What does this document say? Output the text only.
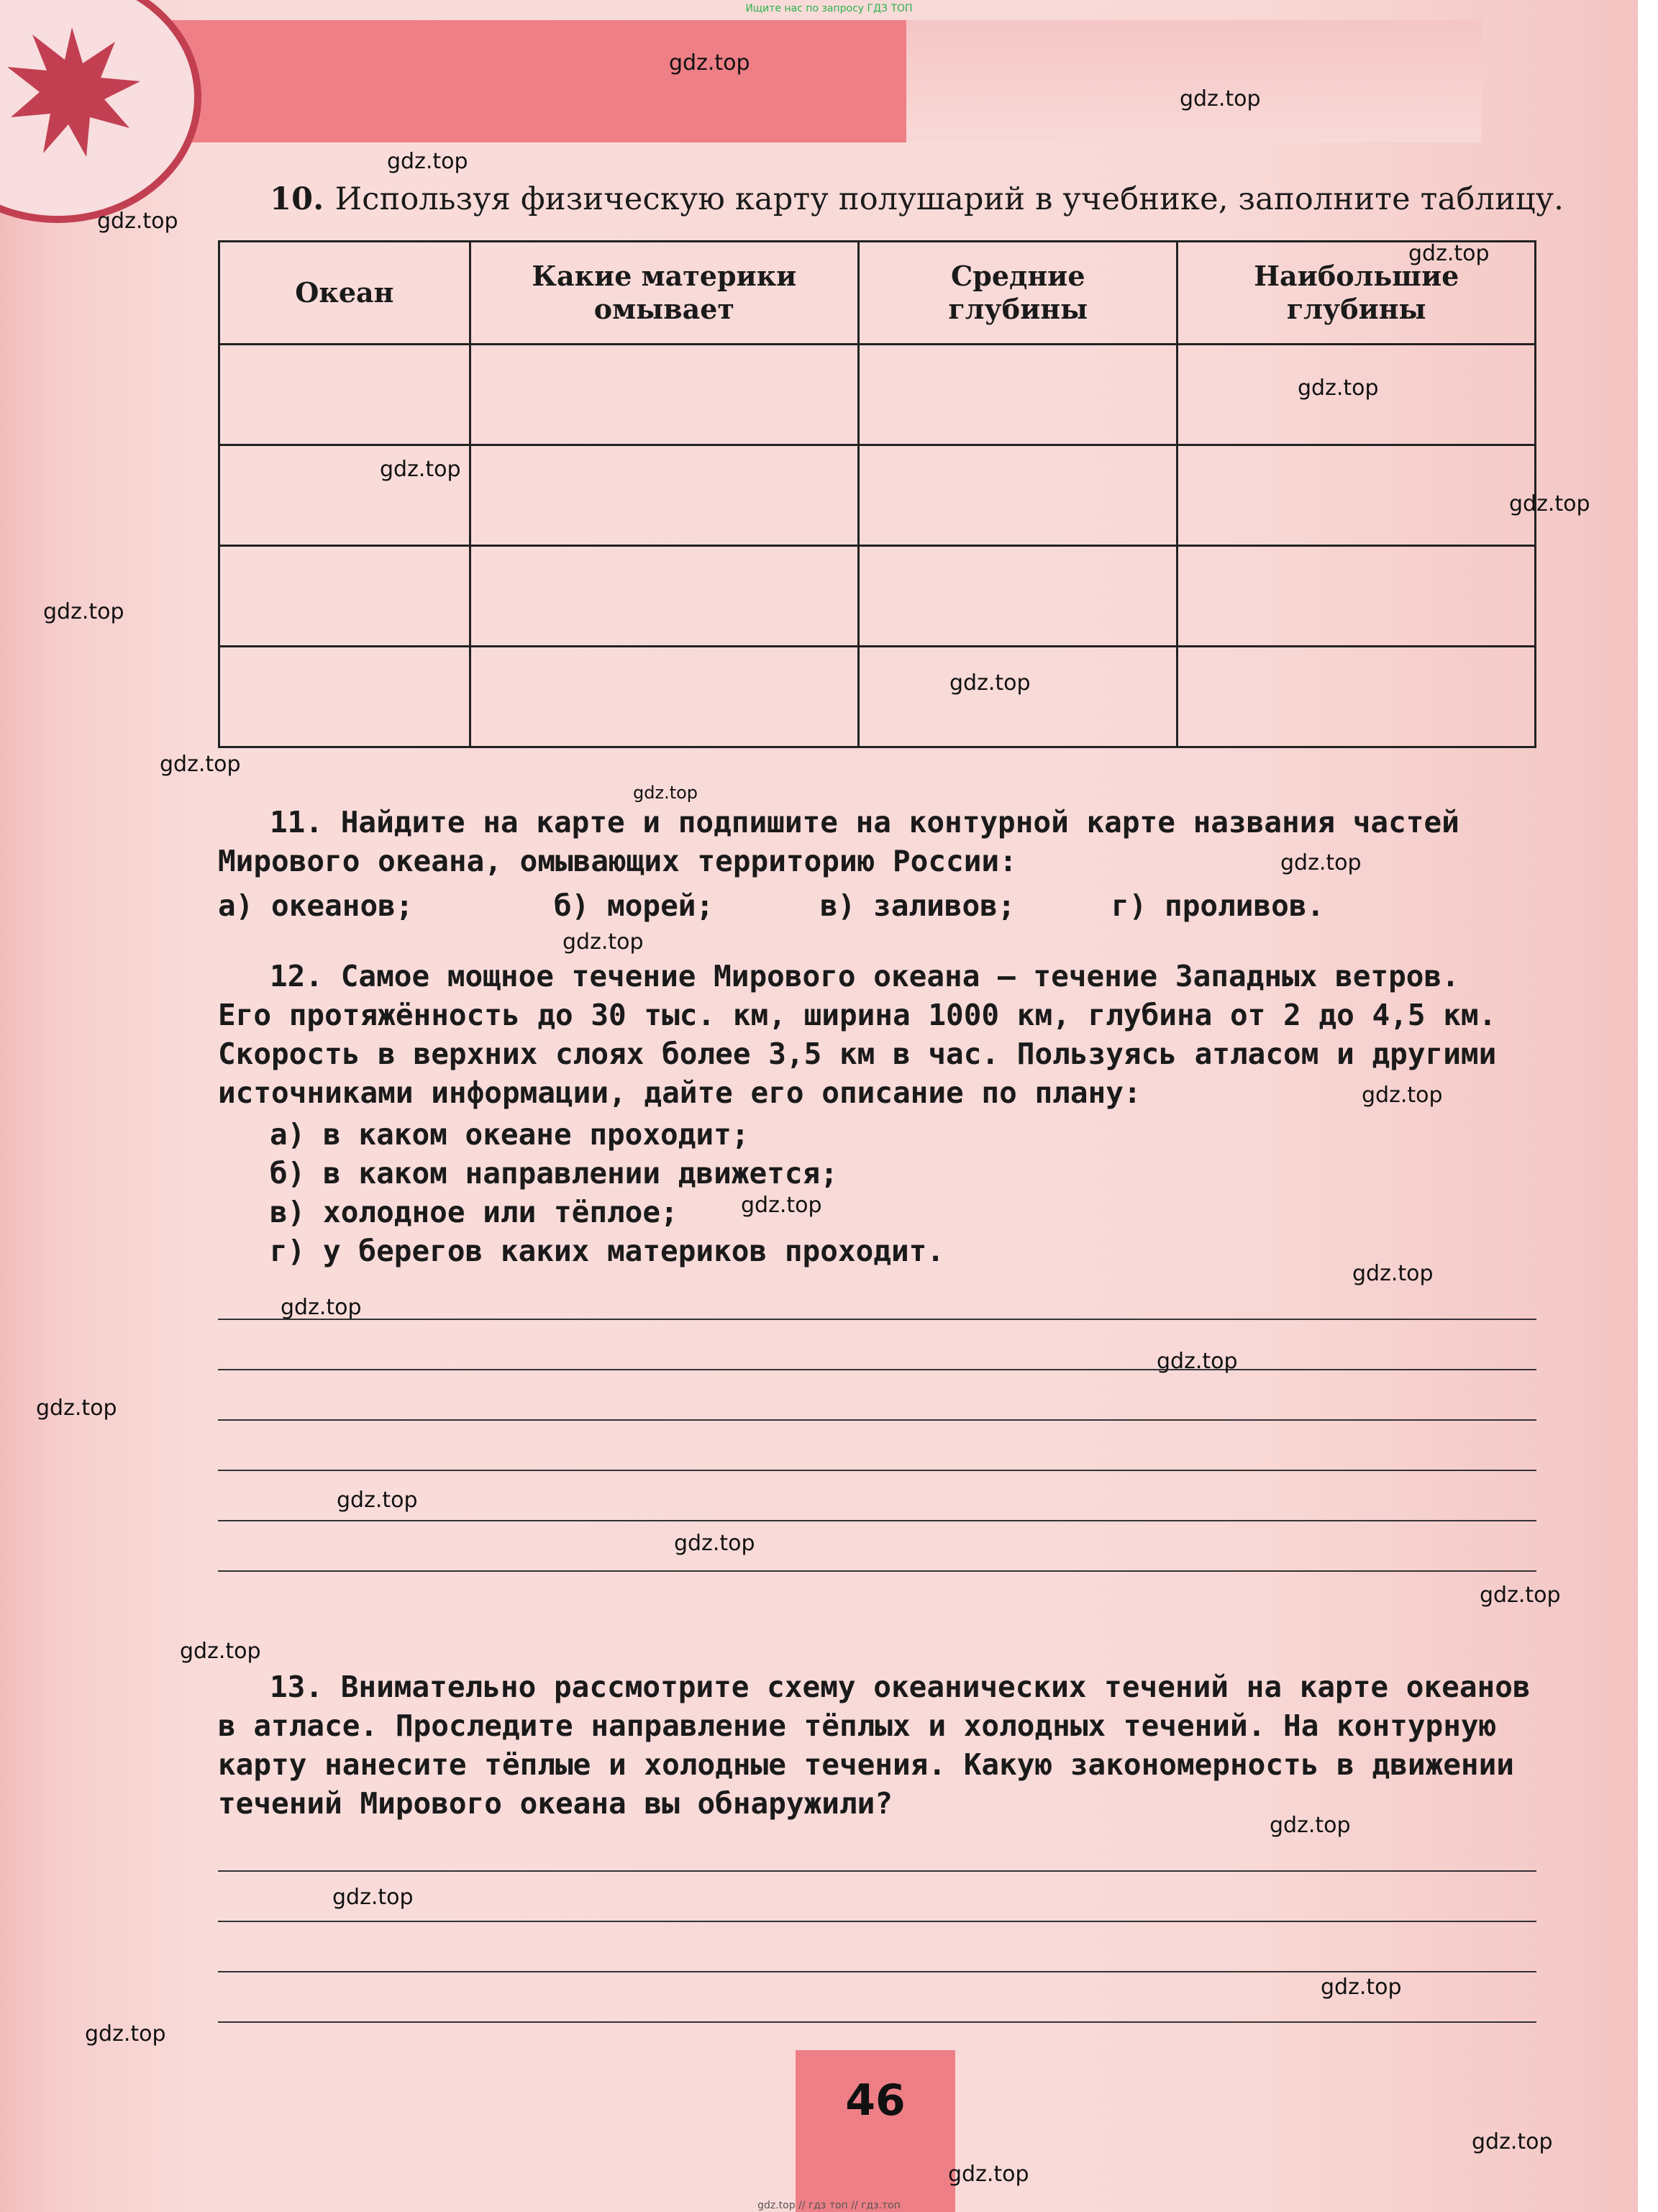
Ищите нас по запросу ГДЗ ТОП
10. Используя физическую карту полушарий в учебнике, заполните таблицу.
Океан	Какие материки омывает	Средние глубины	Наибольшие глубины

11. Найдите на карте и подпишите на контурной карте названия частей
Мирового океана, омывающих территорию России:
а) океанов;	б) морей;	в) заливов;	г) проливов.
12. Самое мощное течение Мирового океана – течение Западных ветров.
Его протяжённость до 30 тыс. км, ширина 1000 км, глубина от 2 до 4,5 км.
Скорость в верхних слоях более 3,5 км в час. Пользуясь атласом и другими
источниками информации, дайте его описание по плану:
а) в каком океане проходит;
б) в каком направлении движется;
в) холодное или тёплое;
г) у берегов каких материков проходит.
13. Внимательно рассмотрите схему океанических течений на карте океанов
в атласе. Проследите направление тёплых и холодных течений. На контурную
карту нанесите тёплые и холодные течения. Какую закономерность в движении
течений Мирового океана вы обнаружили?
46
gdz.top
gdz.top
gdz.top
gdz.top
gdz.top
gdz.top
gdz.top
gdz.top
gdz.top
gdz.top
gdz.top
gdz.top
gdz.top
gdz.top
gdz.top
gdz.top
gdz.top
gdz.top
gdz.top
gdz.top
gdz.top
gdz.top
gdz.top
gdz.top
gdz.top
gdz.top
gdz.top
gdz.top
gdz.top
gdz.top
gdz.top // гдз топ // гдз.топ
